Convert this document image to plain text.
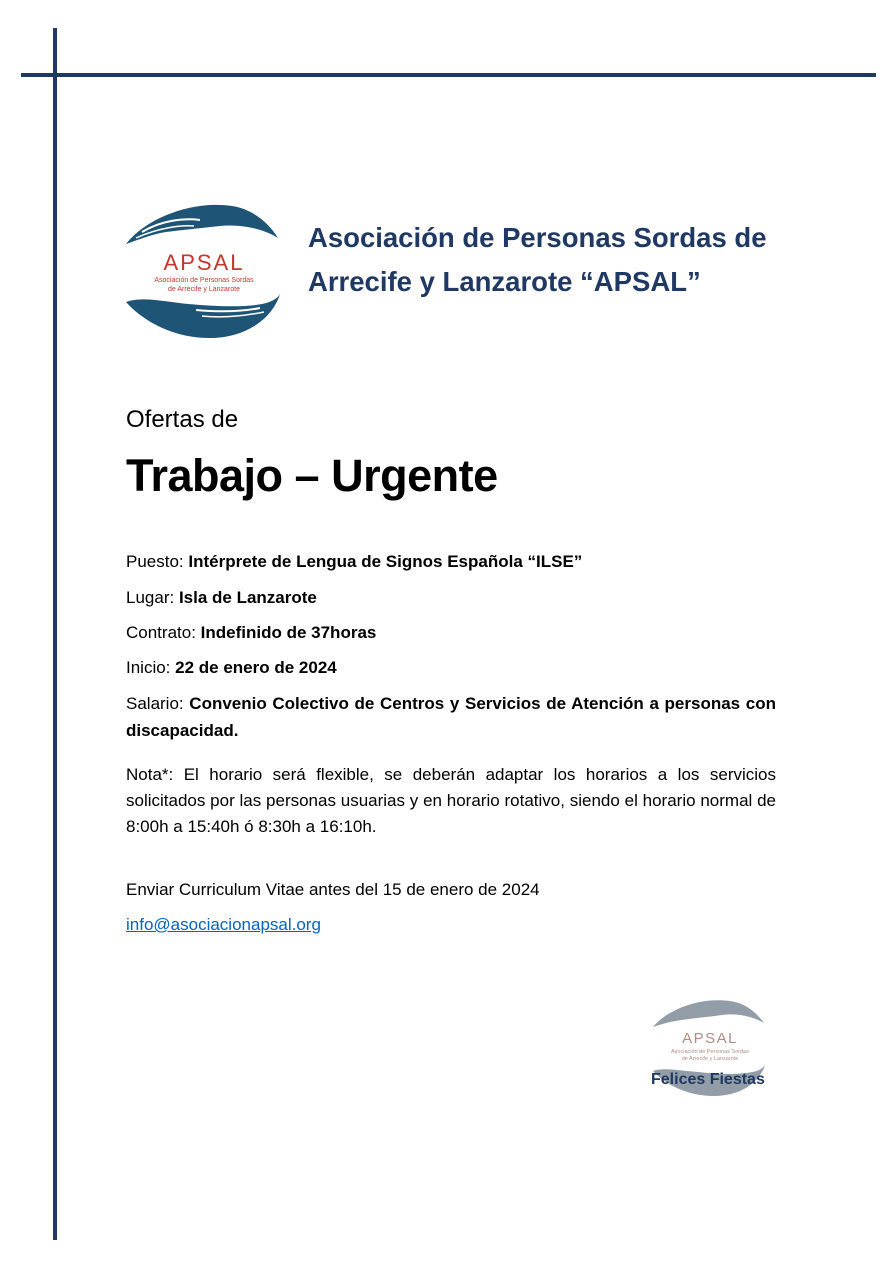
APSAL
Asociación de Personas Sordas
de Arrecife y Lanzarote
Asociación de Personas Sordas de
Arrecife y Lanzarote “APSAL”
Ofertas de
Trabajo – Urgente
Puesto: Intérprete de Lengua de Signos Española “ILSE”
Lugar: Isla de Lanzarote
Contrato: Indefinido de 37horas
Inicio: 22 de enero de 2024
Salario: Convenio Colectivo de Centros y Servicios de Atención a personas con discapacidad.
Nota*: El horario será flexible, se deberán adaptar los horarios a los servicios solicitados por las personas usuarias y en horario rotativo, siendo el horario normal de 8:00h a 15:40h ó 8:30h a 16:10h.
Enviar Curriculum Vitae antes del 15 de enero de 2024
info@asociacionapsal.org
APSAL
Asociación de Personas Sordas
de Arrecife y Lanzarote
Felices Fiestas
